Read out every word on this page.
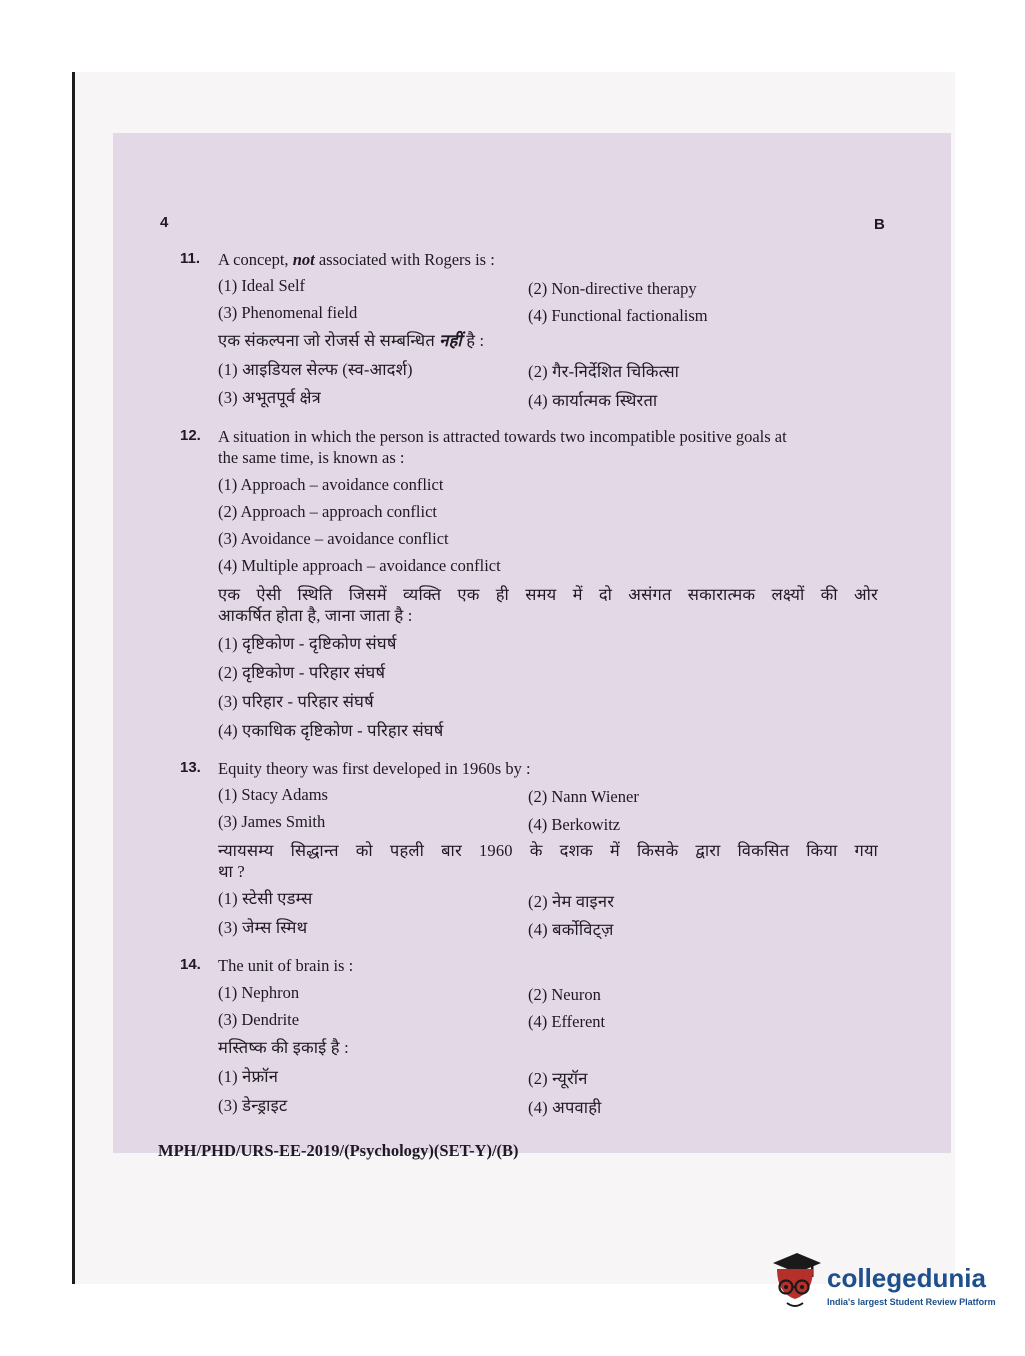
4	B
11. A concept, not associated with Rogers is :
(1) Ideal Self	(2) Non-directive therapy
(3) Phenomenal field	(4) Functional factionalism
एक संकल्पना जो रोजर्स से सम्बन्धित नहीं है :
(1) आइडियल सेल्फ (स्व-आदर्श)	(2) गैर-निर्देशित चिकित्सा
(3) अभूतपूर्व क्षेत्र	(4) कार्यात्मक स्थिरता
12. A situation in which the person is attracted towards two incompatible positive goals at
the same time, is known as :
(1) Approach – avoidance conflict
(2) Approach – approach conflict
(3) Avoidance – avoidance conflict
(4) Multiple approach – avoidance conflict
एक ऐसी स्थिति जिसमें व्यक्ति एक ही समय में दो असंगत सकारात्मक लक्ष्यों की ओर
आकर्षित होता है, जाना जाता है :
(1) दृष्टिकोण - दृष्टिकोण संघर्ष
(2) दृष्टिकोण - परिहार संघर्ष
(3) परिहार - परिहार संघर्ष
(4) एकाधिक दृष्टिकोण - परिहार संघर्ष
13. Equity theory was first developed in 1960s by :
(1) Stacy Adams	(2) Nann Wiener
(3) James Smith	(4) Berkowitz
न्यायसम्य सिद्धान्त को पहली बार 1960 के दशक में किसके द्वारा विकसित किया गया
था ?
(1) स्टेसी एडम्स	(2) नेम वाइनर
(3) जेम्स स्मिथ	(4) बर्कोविट्ज़
14. The unit of brain is :
(1) Nephron	(2) Neuron
(3) Dendrite	(4) Efferent
मस्तिष्क की इकाई है :
(1) नेफ्रॉन	(2) न्यूरॉन
(3) डेन्ड्राइट	(4) अपवाही
MPH/PHD/URS-EE-2019/(Psychology)(SET-Y)/(B)
collegedunia
India's largest Student Review Platform
